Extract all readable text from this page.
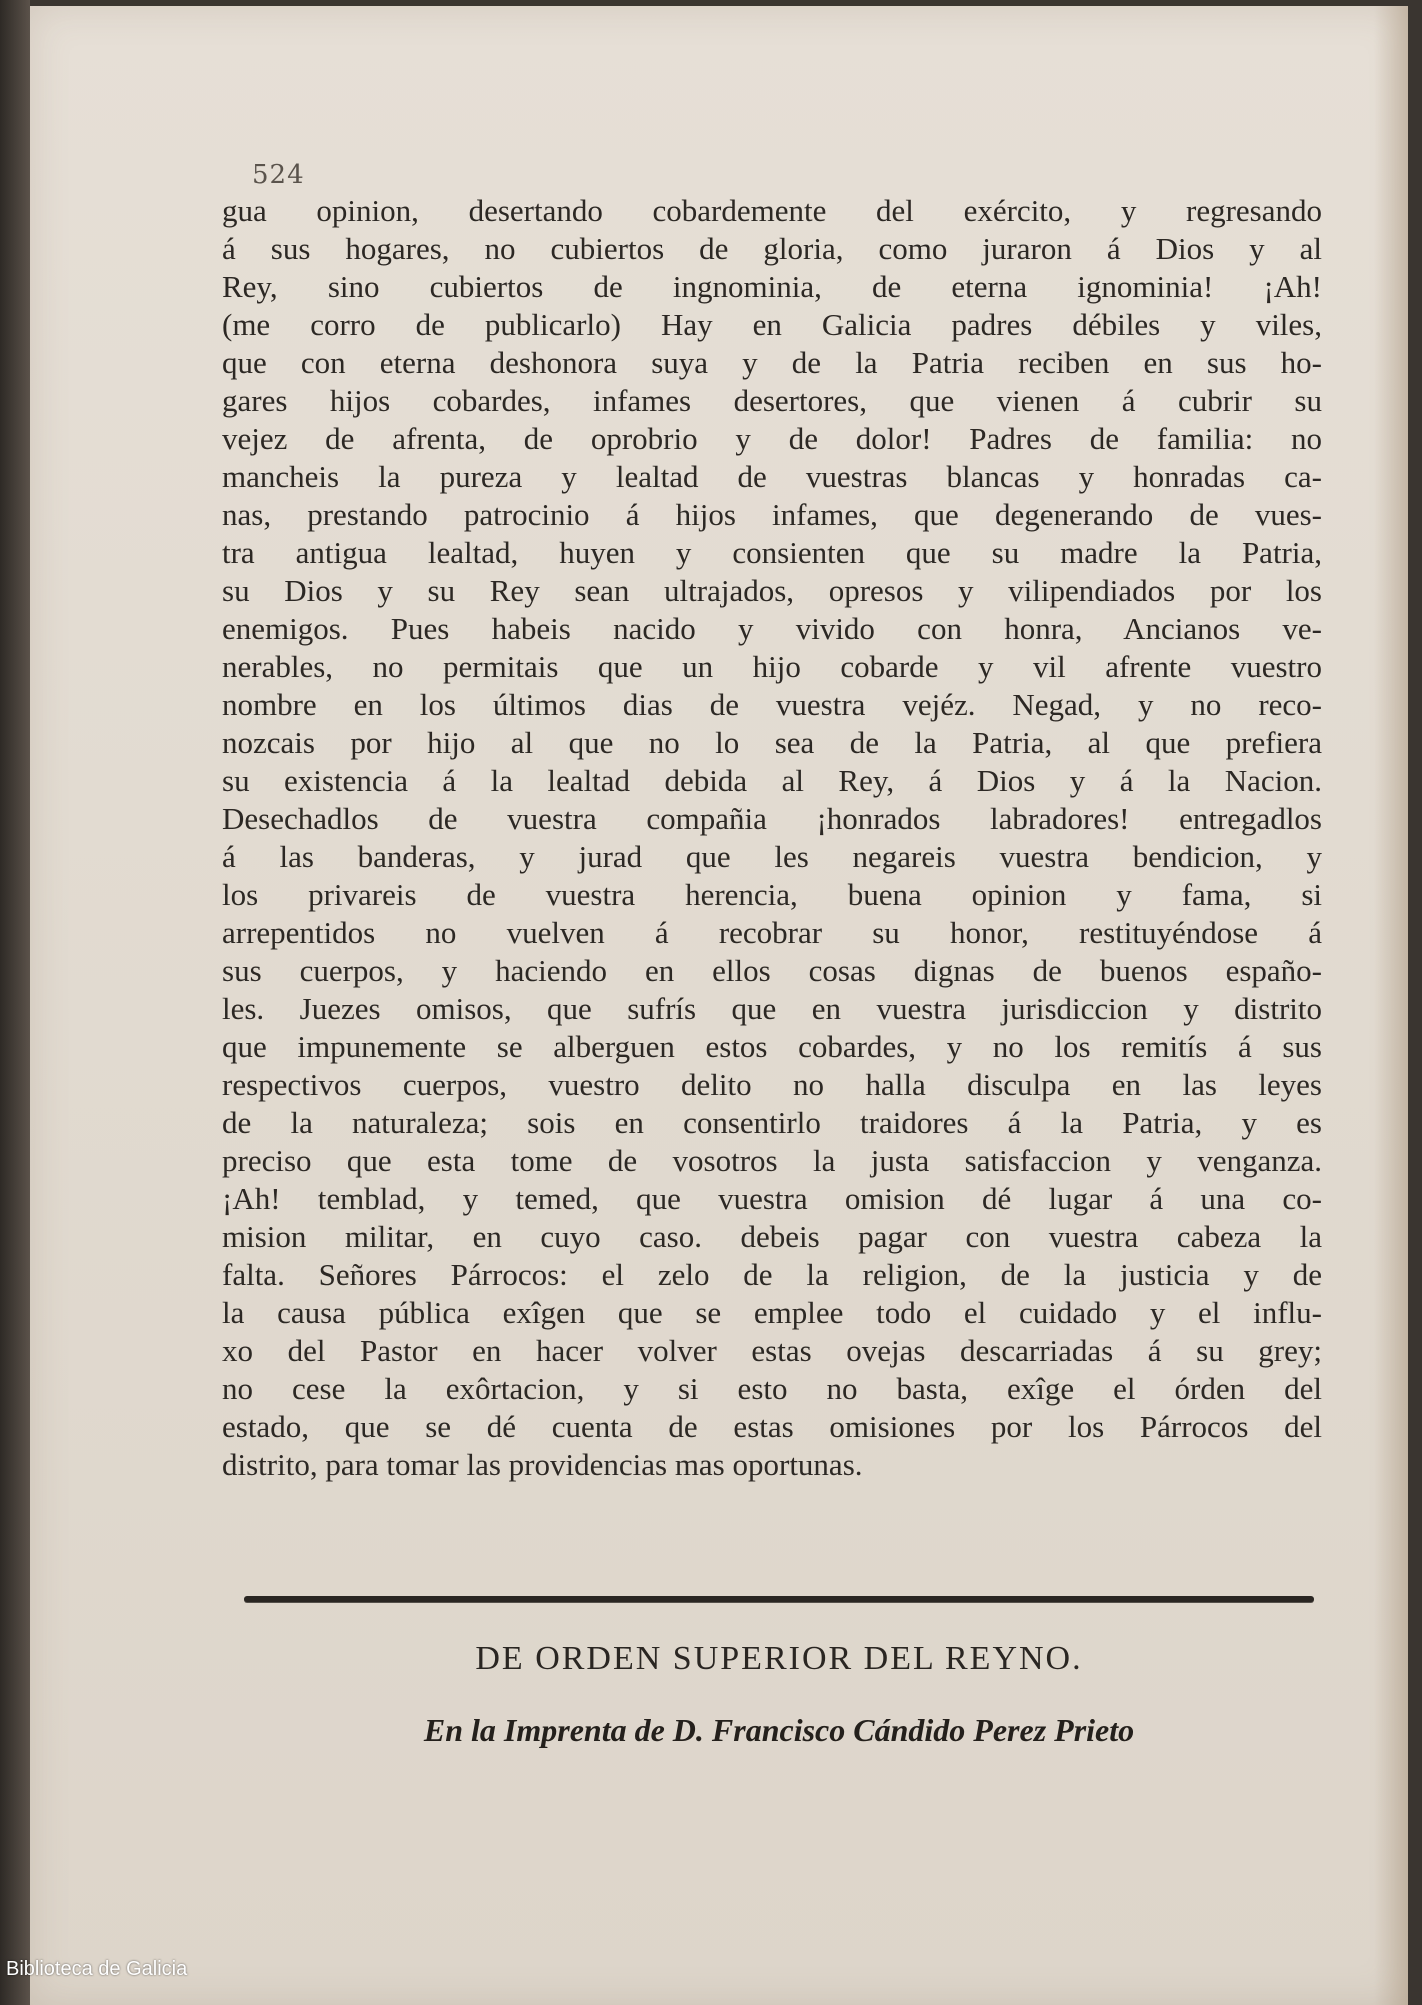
524
gua opinion, desertando cobardemente del exército, y regresando
á sus hogares, no cubiertos de gloria, como juraron á Dios y al
Rey, sino cubiertos de ingnominia, de eterna ignominia! ¡Ah!
(me corro de publicarlo) Hay en Galicia padres débiles y viles,
que con eterna deshonora suya y de la Patria reciben en sus ho-
gares hijos cobardes, infames desertores, que vienen á cubrir su
vejez de afrenta, de oprobrio y de dolor! Padres de familia: no
mancheis la pureza y lealtad de vuestras blancas y honradas ca-
nas, prestando patrocinio á hijos infames, que degenerando de vues-
tra antigua lealtad, huyen y consienten que su madre la Patria,
su Dios y su Rey sean ultrajados, opresos y vilipendiados por los
enemigos. Pues habeis nacido y vivido con honra, Ancianos ve-
nerables, no permitais que un hijo cobarde y vil afrente vuestro
nombre en los últimos dias de vuestra vejéz. Negad, y no reco-
nozcais por hijo al que no lo sea de la Patria, al que prefiera
su existencia á la lealtad debida al Rey, á Dios y á la Nacion.
Desechadlos de vuestra compañia ¡honrados labradores! entregadlos
á las banderas, y jurad que les negareis vuestra bendicion, y
los privareis de vuestra herencia, buena opinion y fama, si
arrepentidos no vuelven á recobrar su honor, restituyéndose á
sus cuerpos, y haciendo en ellos cosas dignas de buenos españo-
les. Juezes omisos, que sufrís que en vuestra jurisdiccion y distrito
que impunemente se alberguen estos cobardes, y no los remitís á sus
respectivos cuerpos, vuestro delito no halla disculpa en las leyes
de la naturaleza; sois en consentirlo traidores á la Patria, y es
preciso que esta tome de vosotros la justa satisfaccion y venganza.
¡Ah! temblad, y temed, que vuestra omision dé lugar á una co-
mision militar, en cuyo caso. debeis pagar con vuestra cabeza la
falta. Señores Párrocos: el zelo de la religion, de la justicia y de
la causa pública exîgen que se emplee todo el cuidado y el influ-
xo del Pastor en hacer volver estas ovejas descarriadas á su grey;
no cese la exôrtacion, y si esto no basta, exîge el órden del
estado, que se dé cuenta de estas omisiones por los Párrocos del
distrito, para tomar las providencias mas oportunas.
DE ORDEN SUPERIOR DEL REYNO.
En la Imprenta de D. Francisco Cándido Perez Prieto
Biblioteca de Galicia
